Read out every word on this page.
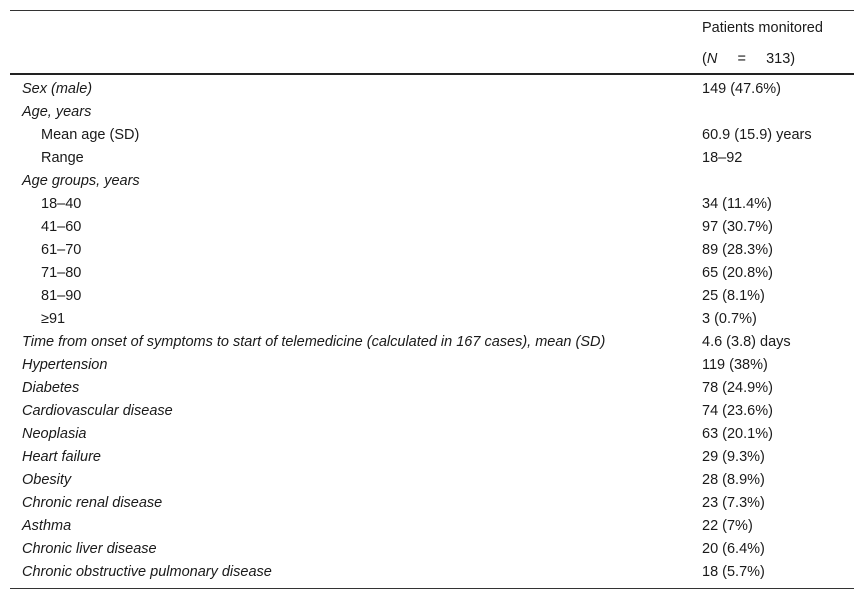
Patients monitored
(N = 313)
Sex (male)	149 (47.6%)
Age, years
Mean age (SD)	60.9 (15.9) years
Range	18–92
Age groups, years
18–40	34 (11.4%)
41–60	97 (30.7%)
61–70	89 (28.3%)
71–80	65 (20.8%)
81–90	25 (8.1%)
≥91	3 (0.7%)
Time from onset of symptoms to start of telemedicine (calculated in 167 cases), mean (SD)	4.6 (3.8) days
Hypertension	119 (38%)
Diabetes	78 (24.9%)
Cardiovascular disease	74 (23.6%)
Neoplasia	63 (20.1%)
Heart failure	29 (9.3%)
Obesity	28 (8.9%)
Chronic renal disease	23 (7.3%)
Asthma	22 (7%)
Chronic liver disease	20 (6.4%)
Chronic obstructive pulmonary disease	18 (5.7%)
